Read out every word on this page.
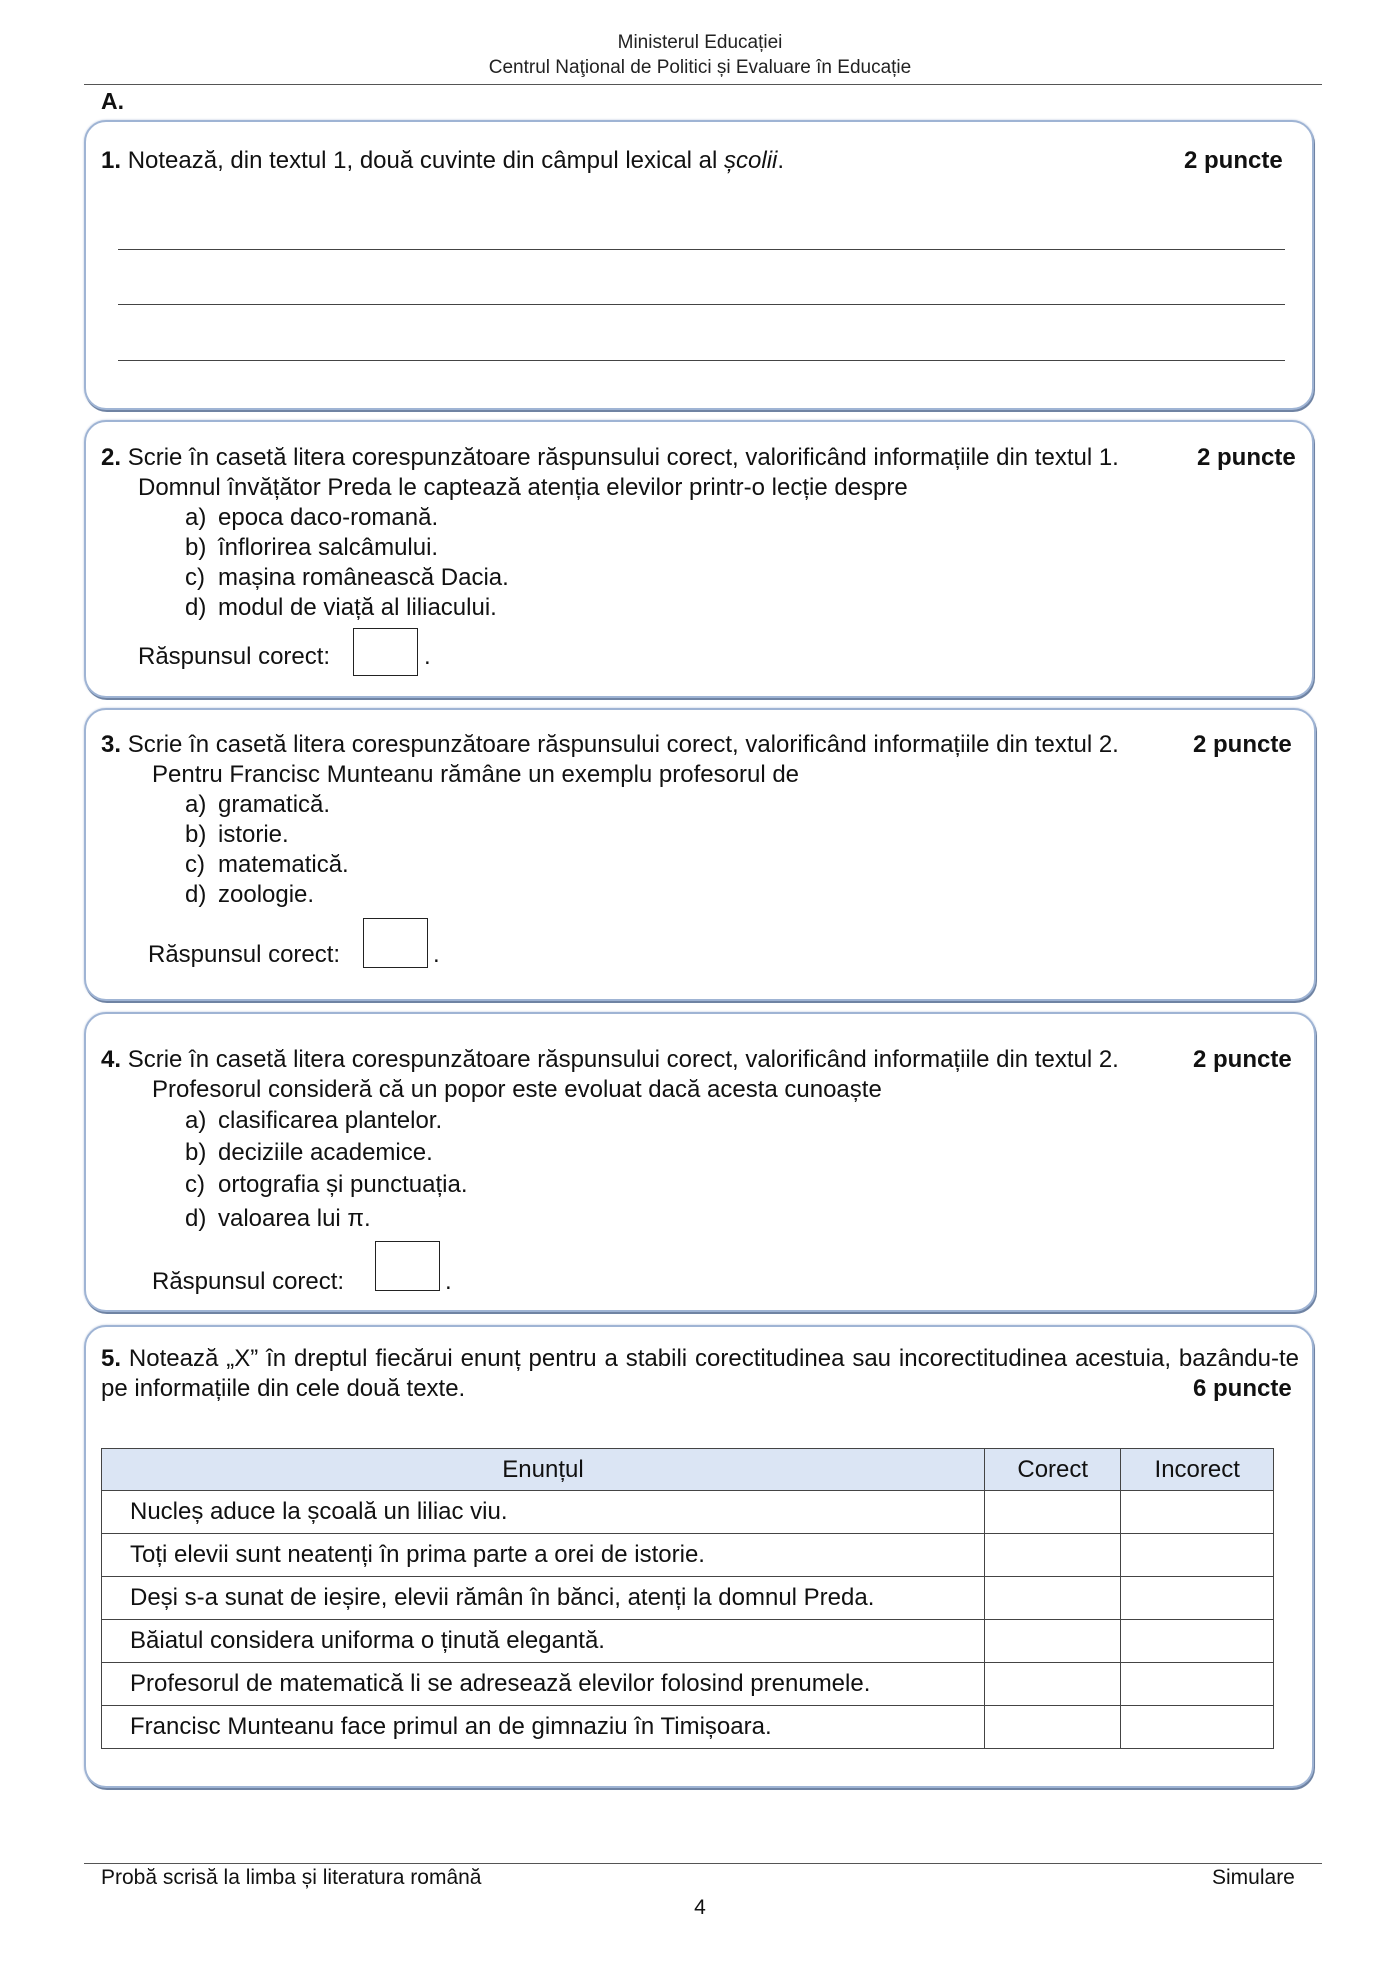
Ministerul Educației
Centrul Naţional de Politici și Evaluare în Educație
A.
1. Notează, din textul 1, două cuvinte din câmpul lexical al școlii.	2 puncte
2. Scrie în casetă litera corespunzătoare răspunsului corect, valorificând informațiile din textul 1.	2 puncte
Domnul învățător Preda le captează atenția elevilor printr-o lecție despre
a) epoca daco-romană.
b) înflorirea salcâmului.
c) mașina românească Dacia.
d) modul de viață al liliacului.
Răspunsul corect:	.
3. Scrie în casetă litera corespunzătoare răspunsului corect, valorificând informațiile din textul 2.	2 puncte
Pentru Francisc Munteanu rămâne un exemplu profesorul de
a) gramatică.
b) istorie.
c) matematică.
d) zoologie.
Răspunsul corect:	.
4. Scrie în casetă litera corespunzătoare răspunsului corect, valorificând informațiile din textul 2.	2 puncte
Profesorul consideră că un popor este evoluat dacă acesta cunoaște
a) clasificarea plantelor.
b) deciziile academice.
c) ortografia și punctuația.
d) valoarea lui π.
Răspunsul corect:	.
5. Notează „X” în dreptul fiecărui enunț pentru a stabili corectitudinea sau incorectitudinea acestuia, bazându-te pe informațiile din cele două texte.	6 puncte
Enunțul	Corect	Incorect
Nucleș aduce la școală un liliac viu.		
Toți elevii sunt neatenți în prima parte a orei de istorie.		
Deși s-a sunat de ieșire, elevii rămân în bănci, atenți la domnul Preda.		
Băiatul considera uniforma o ținută elegantă.		
Profesorul de matematică li se adresează elevilor folosind prenumele.		
Francisc Munteanu face primul an de gimnaziu în Timișoara.		
Probă scrisă la limba și literatura română	Simulare
4
